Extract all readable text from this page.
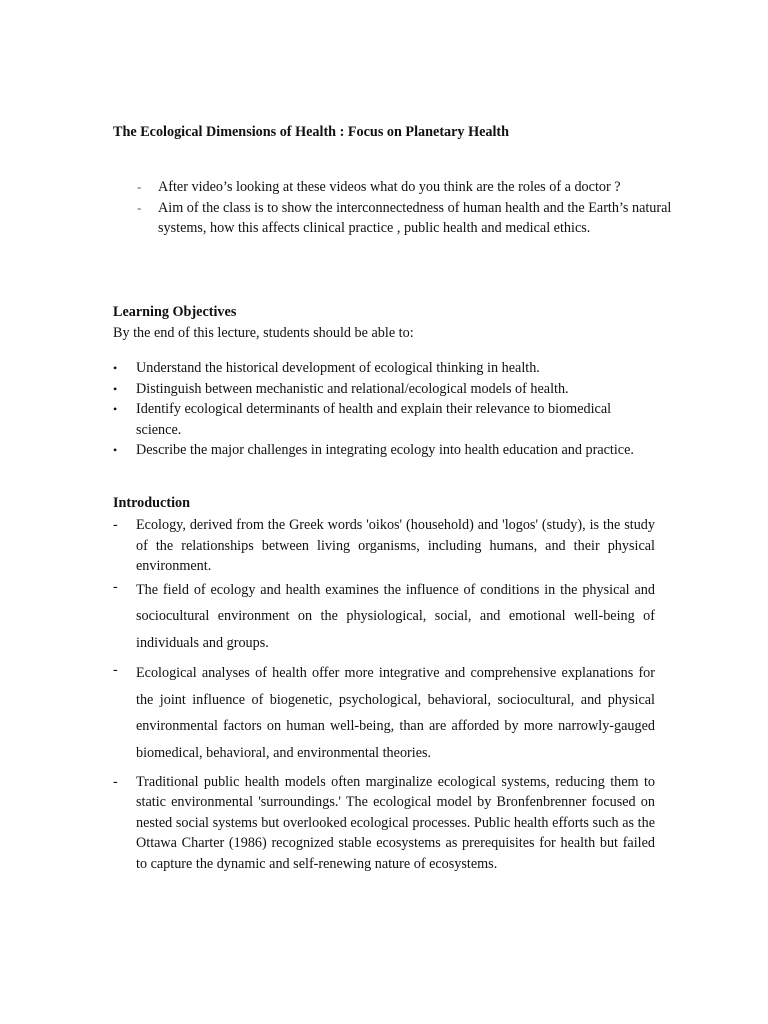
The Ecological Dimensions of Health : Focus on Planetary Health

- After video’s looking at these videos what do you think are the roles of a doctor ?
- Aim of the class is to show the interconnectedness of human health and the Earth’s natural systems, how this affects clinical practice , public health and medical ethics.

Learning Objectives

By the end of this lecture, students should be able to:

• Understand the historical development of ecological thinking in health.
• Distinguish between mechanistic and relational/ecological models of health.
• Identify ecological determinants of health and explain their relevance to biomedical science.
• Describe the major challenges in integrating ecology into health education and practice.

Introduction

- Ecology, derived from the Greek words 'oikos' (household) and 'logos' (study), is the study of the relationships between living organisms, including humans, and their physical environment.
- The field of ecology and health examines the influence of conditions in the physical and sociocultural environment on the physiological, social, and emotional well-being of individuals and groups.
- Ecological analyses of health offer more integrative and comprehensive explanations for the joint influence of biogenetic, psychological, behavioral, sociocultural, and physical environmental factors on human well-being, than are afforded by more narrowly-gauged biomedical, behavioral, and environmental theories.
- Traditional public health models often marginalize ecological systems, reducing them to static environmental 'surroundings.' The ecological model by Bronfenbrenner focused on nested social systems but overlooked ecological processes. Public health efforts such as the Ottawa Charter (1986) recognized stable ecosystems as prerequisites for health but failed to capture the dynamic and self-renewing nature of ecosystems.
